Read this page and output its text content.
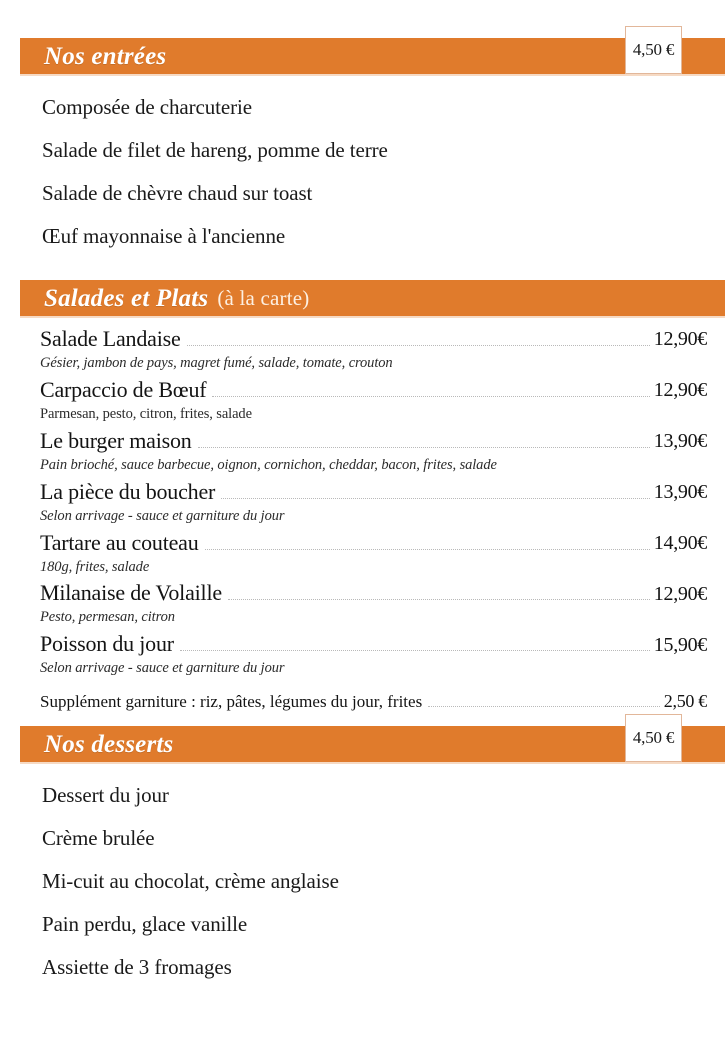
Nos entrées	4,50 €
Composée de charcuterie
Salade de filet de hareng, pomme de terre
Salade de chèvre chaud sur toast
Œuf mayonnaise à l'ancienne
Salades et Plats (à la carte)
Salade Landaise	12,90€
Gésier, jambon de pays, magret fumé, salade, tomate, crouton
Carpaccio de Bœuf	12,90€
Parmesan, pesto, citron, frites, salade
Le burger maison	13,90€
Pain brioché, sauce barbecue, oignon, cornichon, cheddar, bacon, frites, salade
La pièce du boucher	13,90€
Selon arrivage - sauce et garniture du jour
Tartare au couteau	14,90€
180g, frites, salade
Milanaise de Volaille	12,90€
Pesto, permesan, citron
Poisson du jour	15,90€
Selon arrivage - sauce et garniture du jour
Supplément garniture : riz, pâtes, légumes du jour, frites	2,50 €
Nos desserts	4,50 €
Dessert du jour
Crème brulée
Mi-cuit au chocolat, crème anglaise
Pain perdu, glace vanille
Assiette de 3 fromages
